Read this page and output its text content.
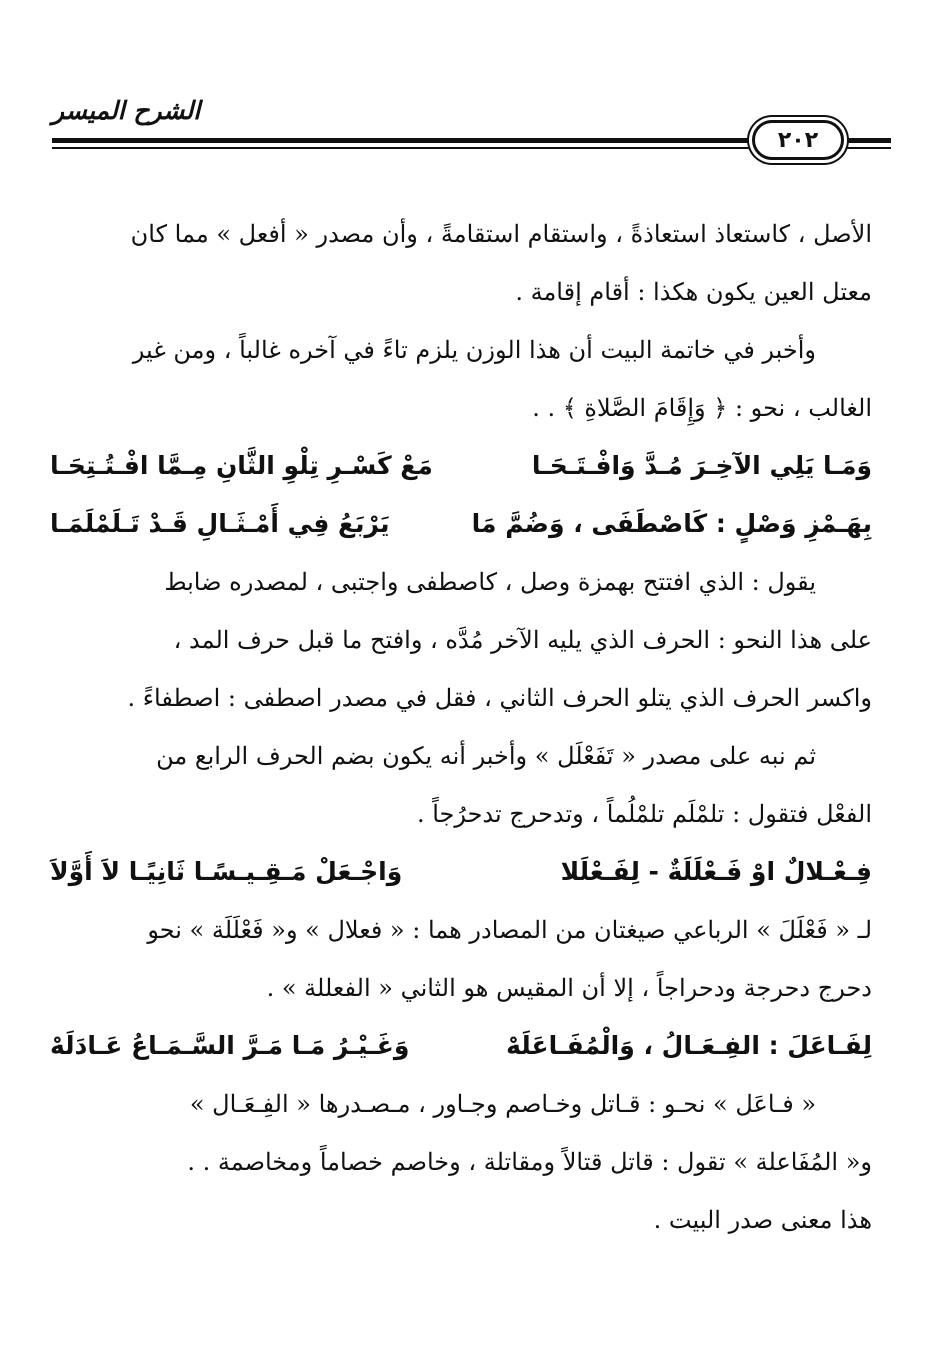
الشرح الميسر
٢٠٢

الأصل ، كاستعاذ استعاذةً ، واستقام استقامةً ، وأن مصدر « أفعل » مما كان

معتل العين يكون هكذا : أقام إقامة .

وأخبر في خاتمة البيت أن هذا الوزن يلزم تاءً في آخره غالباً ، ومن غير

الغالب ، نحو : ﴿ وَإِقَامَ الصَّلاةِ ﴾ . .

وَمَـا يَلِي الآخِـرَ مُـدَّ وَافْـتَـحَـا
مَعْ كَسْـرِ تِلْوِ الثَّانِ مِـمَّا افْـتُـتِحَـا
بِهَـمْزِ وَصْلٍ : كَاصْطَفَى ، وَضُمَّ مَا
يَرْبَعُ فِي أَمْـثَـالِ قَـدْ تَـلَمْلَمَـا

يقول : الذي افتتح بهمزة وصل ، كاصطفى واجتبى ، لمصدره ضابط

على هذا النحو : الحرف الذي يليه الآخر مُدَّه ، وافتح ما قبل حرف المد ،

واكسر الحرف الذي يتلو الحرف الثاني ، فقل في مصدر اصطفى : اصطفاءً .

ثم نبه على مصدر « تَفَعْلَل » وأخبر أنه يكون بضم الحرف الرابع من

الفعْل فتقول : تلمْلَم تلمْلُماً ، وتدحرج تدحرُجاً .

فِـعْـلالٌ اوْ فَـعْلَلَةٌ - لِفَـعْلَلا
وَاجْـعَلْ مَـقِـيـسًـا ثَانِيًـا لاَ أَوَّلاَ

لـ « فَعْلَلَ » الرباعي صيغتان من المصادر هما : « فعلال » و« فَعْلَلَة » نحو

دحرج دحرجة ودحراجاً ، إلا أن المقيس هو الثاني « الفعللة » .

لِفَـاعَلَ : الفِـعَـالُ ، وَالْمُفَـاعَلَهْ
وَغَـيْـرُ مَـا مَـرَّ السَّـمَـاعُ عَـادَلَهْ

« فـاعَل » نحـو : قـاتل وخـاصم وجـاور ، مـصـدرها « الفِـعَـال »

و« المُفَاعلة » تقول : قاتل قتالاً ومقاتلة ، وخاصم خصاماً ومخاصمة . .

هذا معنى صدر البيت .
